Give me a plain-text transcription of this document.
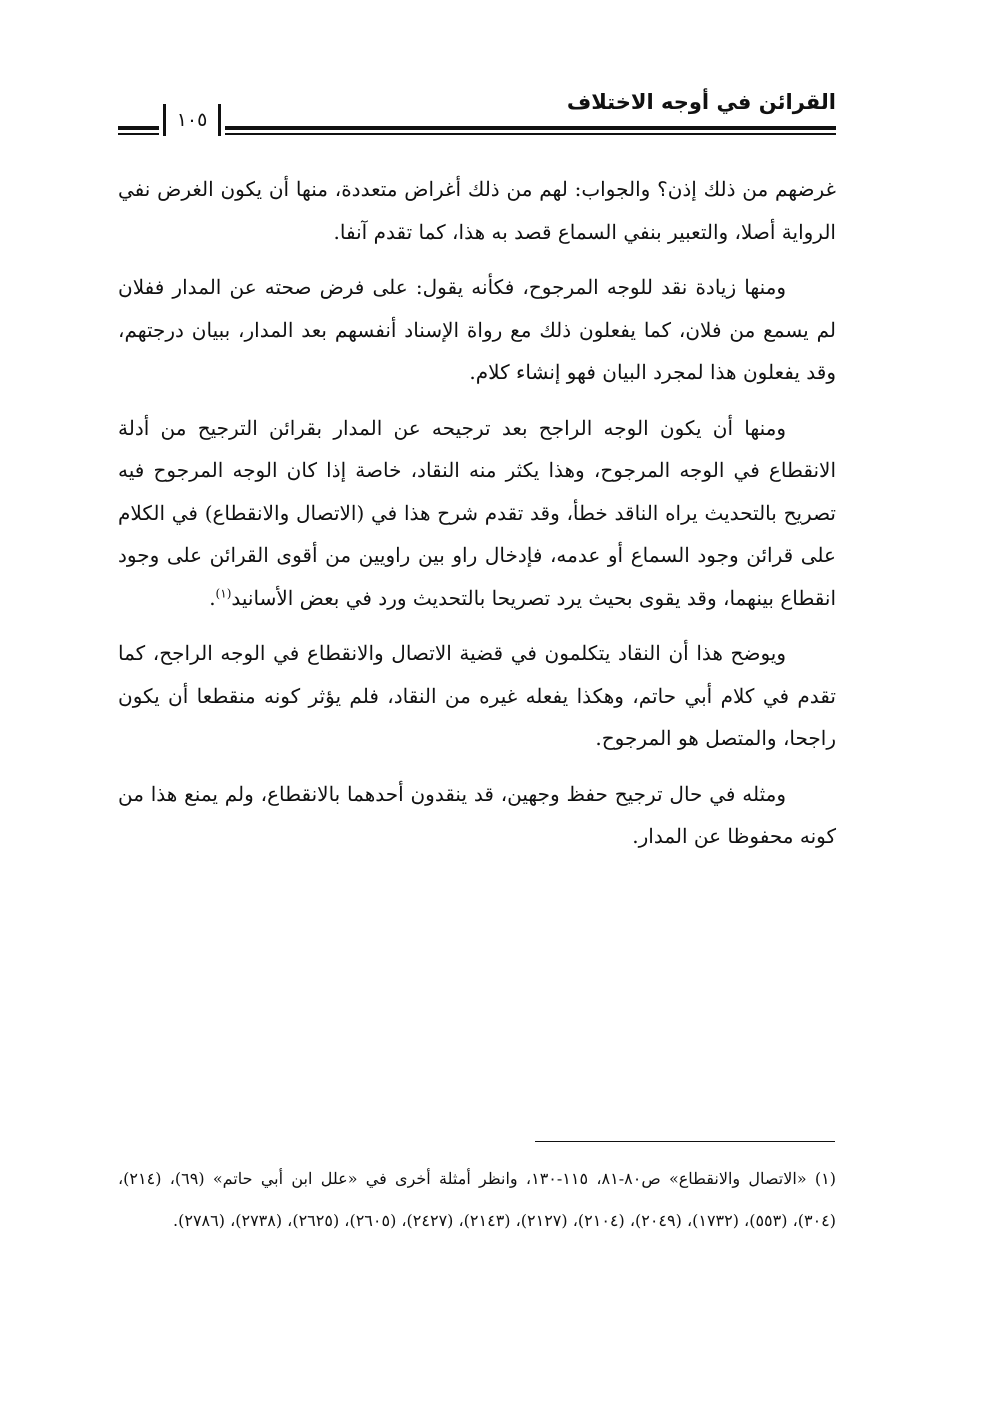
القرائن في أوجه الاختلاف
١٠٥

غرضهم من ذلك إذن؟ والجواب: لهم من ذلك أغراض متعددة، منها أن يكون الغرض نفي الرواية أصلا، والتعبير بنفي السماع قصد به هذا، كما تقدم آنفا.

ومنها زيادة نقد للوجه المرجوح، فكأنه يقول: على فرض صحته عن المدار ففلان لم يسمع من فلان، كما يفعلون ذلك مع رواة الإسناد أنفسهم بعد المدار، ببيان درجتهم، وقد يفعلون هذا لمجرد البيان فهو إنشاء كلام.

ومنها أن يكون الوجه الراجح بعد ترجيحه عن المدار بقرائن الترجيح من أدلة الانقطاع في الوجه المرجوح، وهذا يكثر منه النقاد، خاصة إذا كان الوجه المرجوح فيه تصريح بالتحديث يراه الناقد خطأ، وقد تقدم شرح هذا في (الاتصال والانقطاع) في الكلام على قرائن وجود السماع أو عدمه، فإدخال راو بين راويين من أقوى القرائن على وجود انقطاع بينهما، وقد يقوى بحيث يرد تصريحا بالتحديث ورد في بعض الأسانيد$^{(١)}$.

ويوضح هذا أن النقاد يتكلمون في قضية الاتصال والانقطاع في الوجه الراجح، كما تقدم في كلام أبي حاتم، وهكذا يفعله غيره من النقاد، فلم يؤثر كونه منقطعا أن يكون راجحا، والمتصل هو المرجوح.

ومثله في حال ترجيح حفظ وجهين، قد ينقدون أحدهما بالانقطاع، ولم يمنع هذا من كونه محفوظا عن المدار.

(١) «الاتصال والانقطاع» ص٨٠-٨١، ١١٥-١٣٠، وانظر أمثلة أخرى في «علل ابن أبي حاتم» (٦٩)، (٢١٤)، (٣٠٤)، (٥٥٣)، (١٧٣٢)، (٢٠٤٩)، (٢١٠٤)، (٢١٢٧)، (٢١٤٣)، (٢٤٢٧)، (٢٦٠٥)، (٢٦٢٥)، (٢٧٣٨)، (٢٧٨٦).
